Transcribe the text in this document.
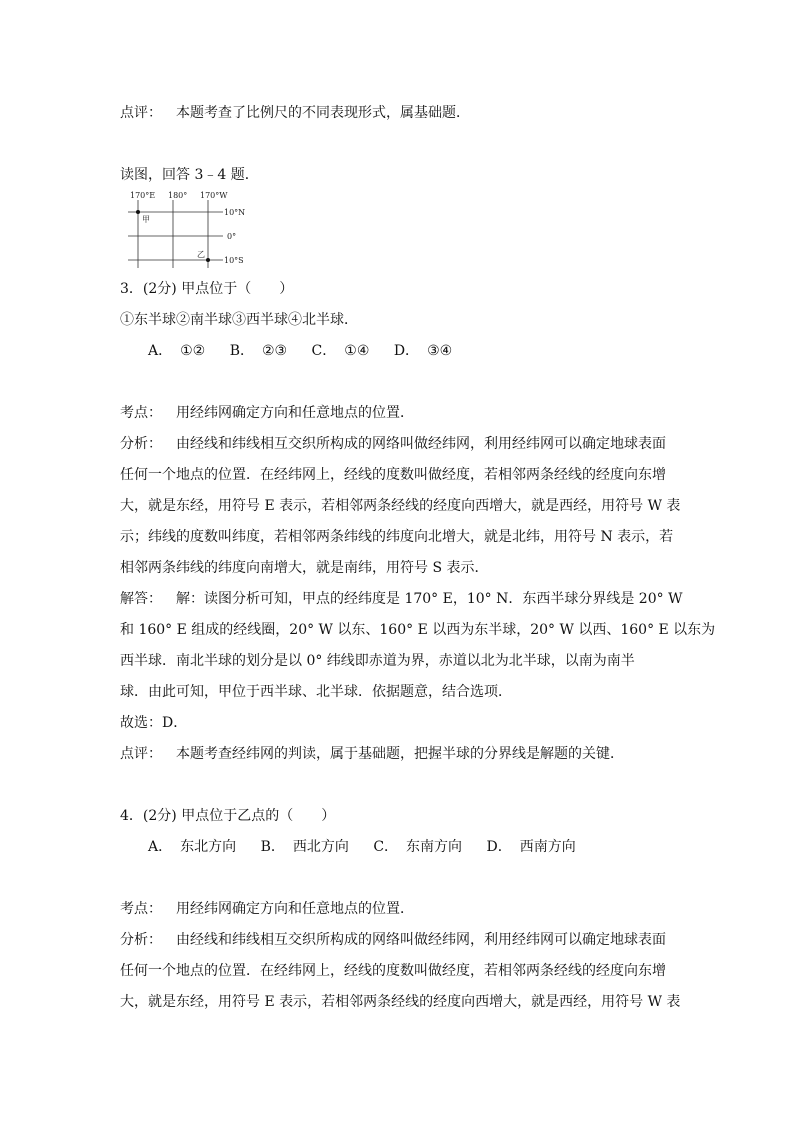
点评： 本题考查了比例尺的不同表现形式，属基础题．
读图，回答 3﹣4 题．
170°E 180° 170°W
10°N
0°
10°S
甲
乙
3．(2分) 甲点位于（　　）
①东半球②南半球③西半球④北半球．
A． ①② B． ②③ C． ①④ D． ③④
考点： 用经纬网确定方向和任意地点的位置．
分析： 由经线和纬线相互交织所构成的网络叫做经纬网，利用经纬网可以确定地球表面
任何一个地点的位置．在经纬网上，经线的度数叫做经度，若相邻两条经线的经度向东增
大，就是东经，用符号 E 表示，若相邻两条经线的经度向西增大，就是西经，用符号 W 表
示；纬线的度数叫纬度，若相邻两条纬线的纬度向北增大，就是北纬，用符号 N 表示，若
相邻两条纬线的纬度向南增大，就是南纬，用符号 S 表示．
解答： 解：读图分析可知，甲点的经纬度是 170° E，10° N．东西半球分界线是 20° W
和 160° E 组成的经线圈，20° W 以东、160° E 以西为东半球，20° W 以西、160° E 以东为
西半球．南北半球的划分是以 0° 纬线即赤道为界，赤道以北为北半球，以南为南半
球．由此可知，甲位于西半球、北半球．依据题意，结合选项．
故选：D．
点评： 本题考查经纬网的判读，属于基础题，把握半球的分界线是解题的关键．
4．(2分) 甲点位于乙点的（　　）
A． 东北方向 B． 西北方向 C． 东南方向 D． 西南方向
考点： 用经纬网确定方向和任意地点的位置．
分析： 由经线和纬线相互交织所构成的网络叫做经纬网，利用经纬网可以确定地球表面
任何一个地点的位置．在经纬网上，经线的度数叫做经度，若相邻两条经线的经度向东增
大，就是东经，用符号 E 表示，若相邻两条经线的经度向西增大，就是西经，用符号 W 表
